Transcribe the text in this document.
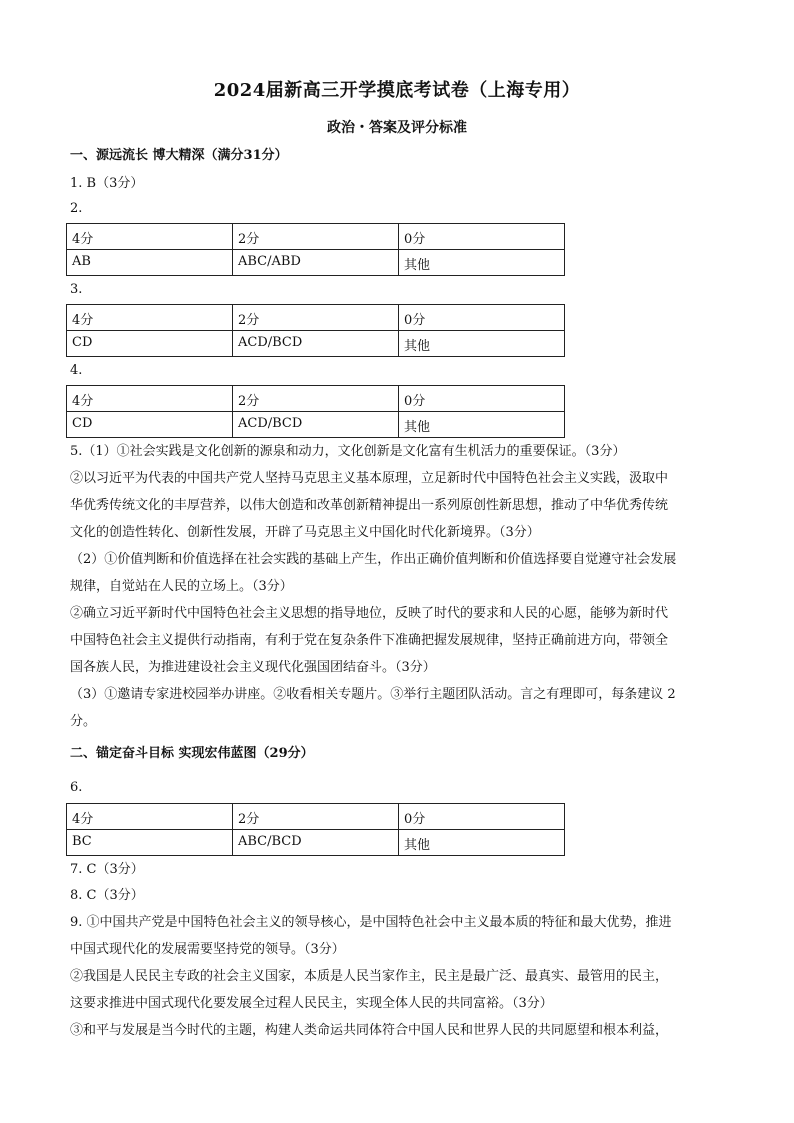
2024届新高三开学摸底考试卷（上海专用）
政治・答案及评分标准
一、源远流长 博大精深（满分31分）
1. B（3分）
2.
4分	2分	0分
AB	ABC/ABD	其他
3.
4分	2分	0分
CD	ACD/BCD	其他
4.
4分	2分	0分
CD	ACD/BCD	其他
5.（1）①社会实践是文化创新的源泉和动力，文化创新是文化富有生机活力的重要保证。（3分）
②以习近平为代表的中国共产党人坚持马克思主义基本原理，立足新时代中国特色社会主义实践，汲取中
华优秀传统文化的丰厚营养，以伟大创造和改革创新精神提出一系列原创性新思想，推动了中华优秀传统
文化的创造性转化、创新性发展，开辟了马克思主义中国化时代化新境界。（3分）
（2）①价值判断和价值选择在社会实践的基础上产生，作出正确价值判断和价值选择要自觉遵守社会发展
规律，自觉站在人民的立场上。（3分）
②确立习近平新时代中国特色社会主义思想的指导地位，反映了时代的要求和人民的心愿，能够为新时代
中国特色社会主义提供行动指南，有利于党在复杂条件下准确把握发展规律，坚持正确前进方向，带领全
国各族人民，为推进建设社会主义现代化强国团结奋斗。（3分）
（3）①邀请专家进校园举办讲座。②收看相关专题片。③举行主题团队活动。言之有理即可，每条建议 2
分。
二、锚定奋斗目标 实现宏伟蓝图（29分）
6.
4分	2分	0分
BC	ABC/BCD	其他
7. C（3分）
8. C（3分）
9. ①中国共产党是中国特色社会主义的领导核心，是中国特色社会中主义最本质的特征和最大优势，推进
中国式现代化的发展需要坚持党的领导。（3分）
②我国是人民民主专政的社会主义国家，本质是人民当家作主，民主是最广泛、最真实、最管用的民主，
这要求推进中国式现代化要发展全过程人民民主，实现全体人民的共同富裕。（3分）
③和平与发展是当今时代的主题，构建人类命运共同体符合中国人民和世界人民的共同愿望和根本利益，
